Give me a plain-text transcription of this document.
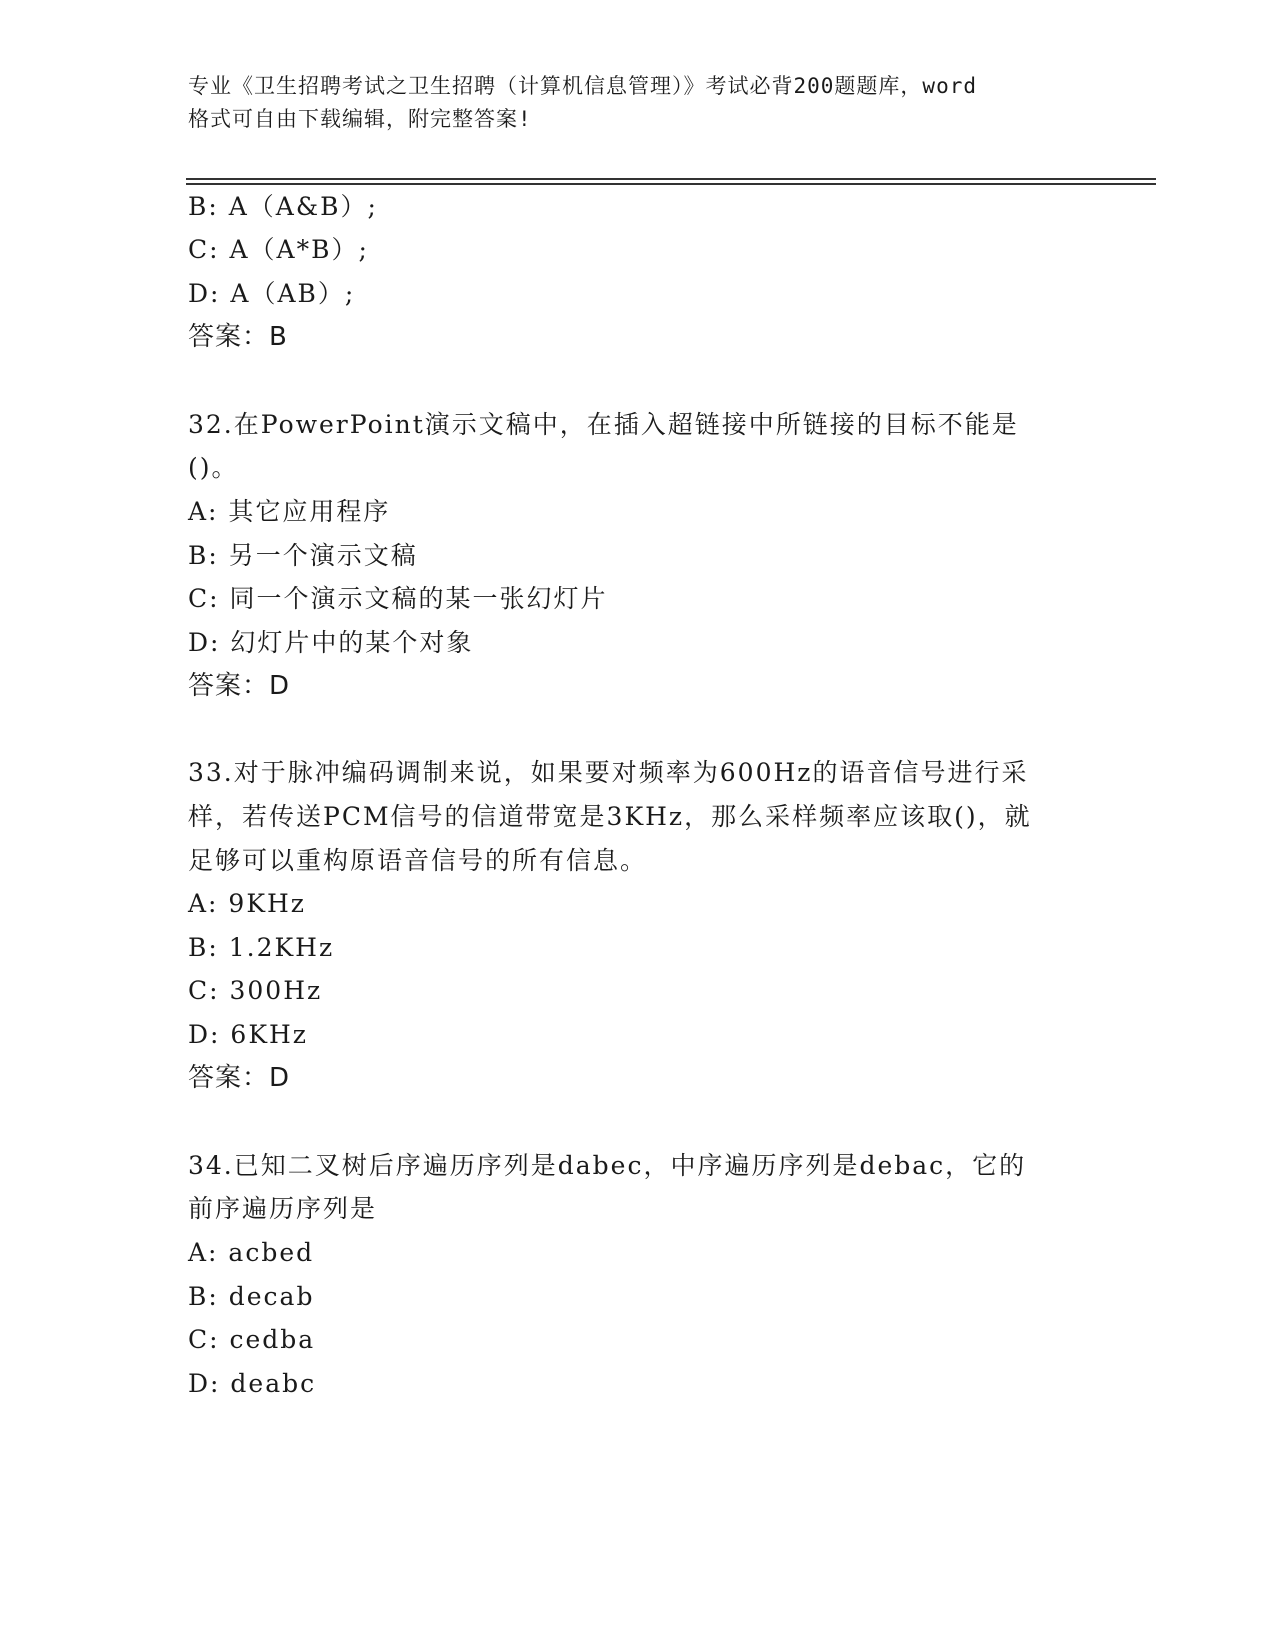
专业《卫生招聘考试之卫生招聘（计算机信息管理）》考试必背200题题库，word
格式可自由下载编辑，附完整答案!
B: A（A&B）;
C: A（A*B）;
D: A（AB）;
答案：B
32.在PowerPoint演示文稿中，在插入超链接中所链接的目标不能是
()。
A: 其它应用程序
B: 另一个演示文稿
C: 同一个演示文稿的某一张幻灯片
D: 幻灯片中的某个对象
答案：D
33.对于脉冲编码调制来说，如果要对频率为600Hz的语音信号进行采
样，若传送PCM信号的信道带宽是3KHz，那么采样频率应该取()，就
足够可以重构原语音信号的所有信息。
A: 9KHz
B: 1.2KHz
C: 300Hz
D: 6KHz
答案：D
34.已知二叉树后序遍历序列是dabec，中序遍历序列是debac，它的
前序遍历序列是
A: acbed
B: decab
C: cedba
D: deabc
